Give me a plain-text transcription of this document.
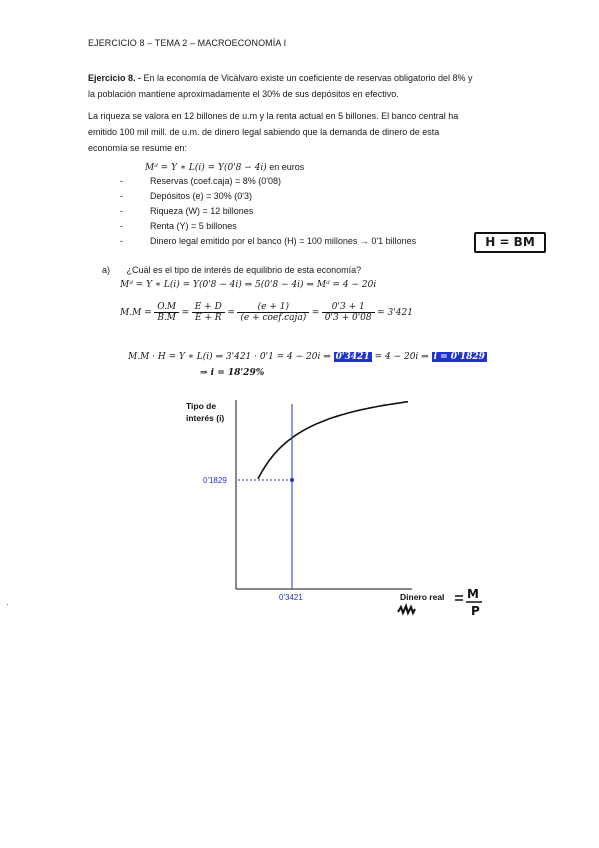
EJERCICIO 8 – TEMA 2 – MACROECONOMÍA I
Ejercicio 8. - En la economía de Vicálvaro existe un coeficiente de reservas obligatorio del 8% y
la población mantiene aproximadamente el 30% de sus depósitos en efectivo.
La riqueza se valora en 12 billones de u.m y la renta actual en 5 billones. El banco central ha
emitido 100 mil mill. de u.m. de dinero legal sabiendo que la demanda de dinero de esta
economía se resume en:
Mᵈ = Y ∗ L(i) = Y(0'8 − 4i) en euros
-	Reservas (coef.caja) = 8% (0'08)
-	Depósitos (e) = 30% (0'3)
-	Riqueza (W) = 12 billones
-	Renta (Y) = 5 billones
-	Dinero legal emitido por el banco (H) = 100 millones → 0'1 billones	H = BM
a) ¿Cuál es el tipo de interés de equilibrio de esta economía?
Mᵈ = Y ∗ L(i) = Y(0'8 − 4i) ⇒ 5(0'8 − 4i) ⇒ Mᵈ = 4 − 20i
$M.M = \frac{O.M}{B.M} = \frac{E + D}{E + R} = \frac{(e + 1)}{\text{(e + coef.caja)}} = \frac{0'3 + 1}{0'3 + 0'08} = 3'421$
M.M · H = Y ∗ L(i) ⇒ 3'421 · 0'1 = 4 − 20i ⇒ 0'3421 = 4 − 20i ⇒ i = 0'1829
⇒ i = 18'29%
Tipo de
interés (i)
0'1829
0'3421	Dinero real M
P
·
